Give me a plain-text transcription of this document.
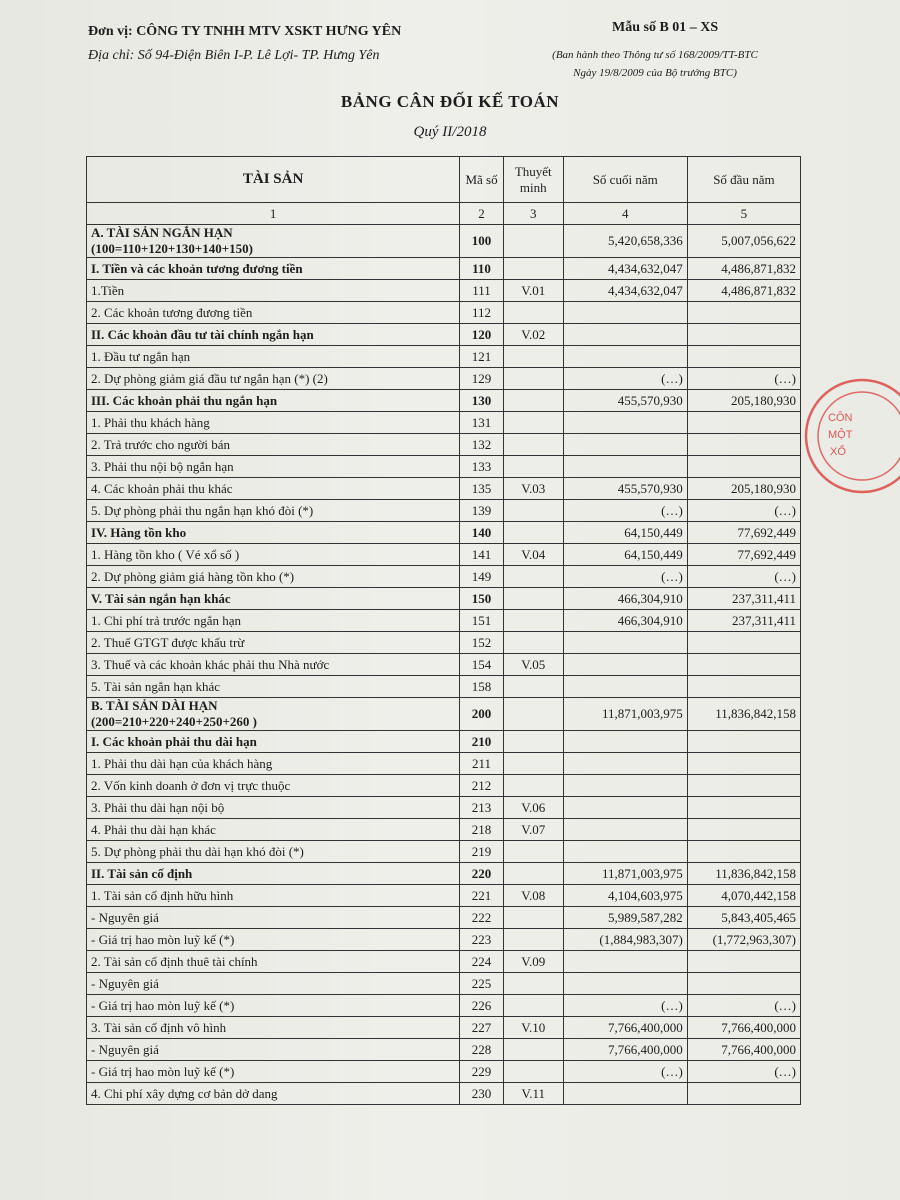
Đơn vị: CÔNG TY TNHH MTV XSKT HƯNG YÊN
Địa chỉ: Số 94-Điện Biên I-P. Lê Lợi- TP. Hưng Yên
Mẫu số B 01 – XS
(Ban hành theo Thông tư số 168/2009/TT-BTC
Ngày 19/8/2009 của Bộ trưởng BTC)
BẢNG CÂN ĐỐI KẾ TOÁN
Quý II/2018
TÀI SẢN	Mã số	Thuyết minh	Số cuối năm	Số đầu năm
1	2	3	4	5

A. TÀI SẢN NGẮN HẠN
(100=110+120+130+140+150)	100		5,420,658,336	5,007,056,622

I. Tiền và các khoản tương đương tiền	110		4,434,632,047	4,486,871,832

1.Tiền	111	V.01	4,434,632,047	4,486,871,832

2. Các khoản tương đương tiền	112			

II. Các khoản đầu tư tài chính ngắn hạn	120	V.02		

1. Đầu tư ngắn hạn	121			

2. Dự phòng giảm giá đầu tư ngắn hạn (*) (2)	129		(…)	(…)

III. Các khoản phải thu ngắn hạn	130		455,570,930	205,180,930

1. Phải thu khách hàng	131			

2. Trả trước cho người bán	132			

3. Phải thu nội bộ ngắn hạn	133			

4. Các khoản phải thu khác	135	V.03	455,570,930	205,180,930

5. Dự phòng phải thu ngắn hạn khó đòi (*)	139		(…)	(…)

IV. Hàng tồn kho	140		64,150,449	77,692,449

1. Hàng tồn kho ( Vé xổ số )	141	V.04	64,150,449	77,692,449

2. Dự phòng giảm giá hàng tồn kho (*)	149		(…)	(…)

V. Tài sản ngắn hạn khác	150		466,304,910	237,311,411

1. Chi phí trả trước ngắn hạn	151		466,304,910	237,311,411

2. Thuế GTGT được khấu trừ	152			

3. Thuế và các khoản khác phải thu Nhà nước	154	V.05		

5. Tài sản ngắn hạn khác	158			

B. TÀI SẢN DÀI HẠN
(200=210+220+240+250+260 )	200		11,871,003,975	11,836,842,158

I. Các khoản phải thu dài hạn	210			

1. Phải thu dài hạn của khách hàng	211			

2. Vốn kinh doanh ở đơn vị trực thuộc	212			

3. Phải thu dài hạn nội bộ	213	V.06		

4. Phải thu dài hạn khác	218	V.07		

5. Dự phòng phải thu dài hạn khó đòi (*)	219			

II. Tài sản cố định	220		11,871,003,975	11,836,842,158

1. Tài sản cố định hữu hình	221	V.08	4,104,603,975	4,070,442,158

- Nguyên giá	222		5,989,587,282	5,843,405,465

- Giá trị hao mòn luỹ kế (*)	223		(1,884,983,307)	(1,772,963,307)

2. Tài sản cố định thuê tài chính	224	V.09		

- Nguyên giá	225			

- Giá trị hao mòn luỹ kế (*)	226		(…)	(…)

3. Tài sản cố định vô hình	227	V.10	7,766,400,000	7,766,400,000

- Nguyên giá	228		7,766,400,000	7,766,400,000

- Giá trị hao mòn luỹ kế (*)	229		(…)	(…)

4. Chi phí xây dựng cơ bản dở dang	230	V.11		
CÔN
MỘT
XỔ
